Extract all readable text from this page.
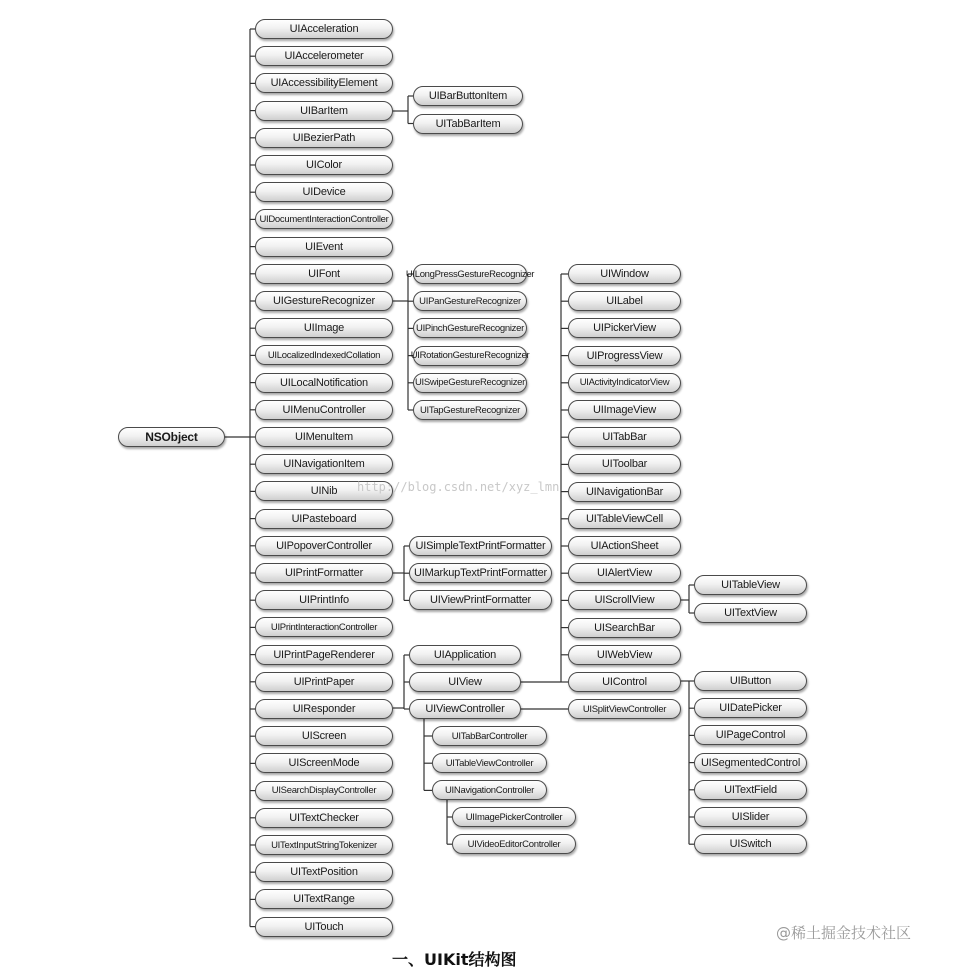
NSObject
UIAcceleration
UIAccelerometer
UIAccessibilityElement
UIBarItem
UIBezierPath
UIColor
UIDevice
UIDocumentInteractionController
UIEvent
UIFont
UIGestureRecognizer
UIImage
UILocalizedIndexedCollation
UILocalNotification
UIMenuController
UIMenuItem
UINavigationItem
UINib
UIPasteboard
UIPopoverController
UIPrintFormatter
UIPrintInfo
UIPrintInteractionController
UIPrintPageRenderer
UIPrintPaper
UIResponder
UIScreen
UIScreenMode
UISearchDisplayController
UITextChecker
UITextInputStringTokenizer
UITextPosition
UITextRange
UITouch
UIBarButtonItem
UITabBarItem
UILongPressGestureRecognizer
UIPanGestureRecognizer
UIPinchGestureRecognizer
UIRotationGestureRecognizer
UISwipeGestureRecognizer
UITapGestureRecognizer
UISimpleTextPrintFormatter
UIMarkupTextPrintFormatter
UIViewPrintFormatter
UIApplication
UIView
UIViewController
UIWindow
UILabel
UIPickerView
UIProgressView
UIActivityIndicatorView
UIImageView
UITabBar
UIToolbar
UINavigationBar
UITableViewCell
UIActionSheet
UIAlertView
UIScrollView
UISearchBar
UIWebView
UIControl
UITableView
UITextView
UIButton
UIDatePicker
UIPageControl
UISegmentedControl
UITextField
UISlider
UISwitch
UISplitViewController
UITabBarController
UITableViewController
UINavigationController
UIImagePickerController
UIVideoEditorController
http://blog.csdn.net/xyz_lmn
一、UIKit结构图
@稀土掘金技术社区
